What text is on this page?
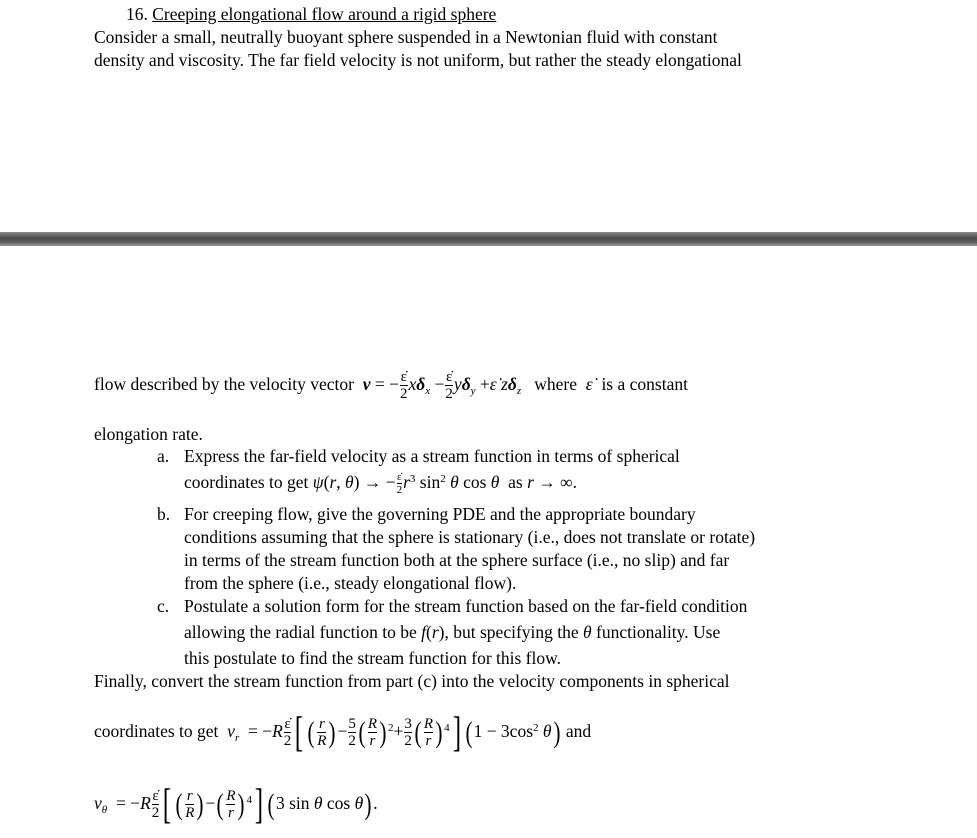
16. Creeping elongational flow around a rigid sphere
Consider a small, neutrally buoyant sphere suspended in a Newtonian fluid with constant
density and viscosity. The far field velocity is not uniform, but rather the steady elongational
flow described by the velocity vector  v = − $\frac{\varepsiloṅ}{2} x\delta_x - \frac{\varepsiloṅ}{2} y\delta_y$ +ε̇ $z\delta_z$ where ε̇ is a constant
elongation rate.
a. Express the far-field velocity as a stream function in terms of spherical
coordinates to get ψ(r, θ) → − $\frac{\varepsiloṅ}{2} r^3$ $\sin^2 \theta$ cos θ as r → ∞.
b. For creeping flow, give the governing PDE and the appropriate boundary
conditions assuming that the sphere is stationary (i.e., does not translate or rotate)
in terms of the stream function both at the sphere surface (i.e., no slip) and far
from the sphere (i.e., steady elongational flow).
c. Postulate a solution form for the stream function based on the far-field condition
allowing the radial function to be f(r), but specifying the θ functionality. Use
this postulate to find the stream function for this flow.
Finally, convert the stream function from part (c) into the velocity components in spherical
coordinates to get  $v_r = -R \frac{\varepsiloṅ}{2}$ [ ( $\frac{r}{R}$ )− $\frac{5}{2}$ ( $\frac{R}{r}$ ) $^2+ \frac{3}{2}$ ( $\frac{R}{r}$ ) $^4$] ($1 - 3\cos^2$ θ) and
$v_\theta = -R \frac{\varepsiloṅ}{2}$ [ ( $\frac{r}{R}$ )−( $\frac{R}{r}$ ) $^4$] (3 sin θ cos θ).
